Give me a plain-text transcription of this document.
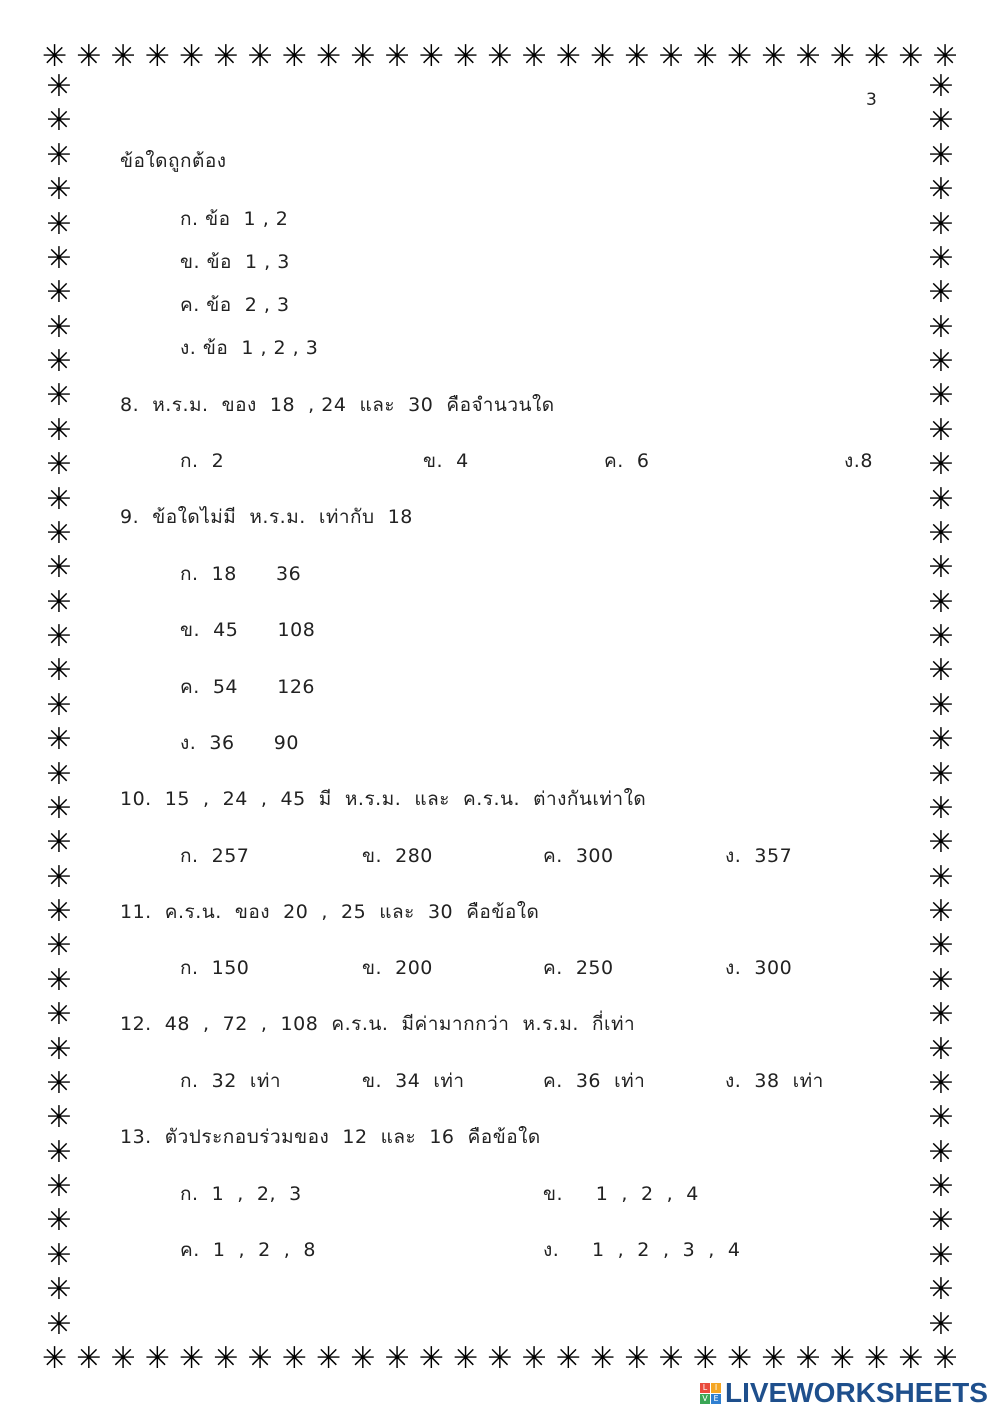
✳ ✳ ✳ ✳ ✳ ✳ ✳ ✳ ✳ ✳ ✳ ✳ ✳ ✳ ✳ ✳ ✳ ✳ ✳ ✳ ✳ ✳ ✳ ✳ ✳ ✳ ✳
✳ ✳ ✳ ✳ ✳ ✳ ✳ ✳ ✳ ✳ ✳ ✳ ✳ ✳ ✳ ✳ ✳ ✳ ✳ ✳ ✳ ✳ ✳ ✳ ✳ ✳ ✳
✳
✳
✳
✳
✳
✳
✳
✳
✳
✳
✳
✳
✳
✳
✳
✳
✳
✳
✳
✳
✳
✳
✳
✳
✳
✳
✳
✳
✳
✳
✳
✳
✳
✳
✳
✳
✳
✳
✳
✳
✳
✳
✳
✳
✳
✳
✳
✳
✳
✳
✳
✳
✳
✳
✳
✳
✳
✳
✳
✳
✳
✳
✳
✳
✳
✳
✳
✳
✳
✳
✳
✳
✳
✳
3
ข้อใดถูกต้อง
ก. ข้อ  1 , 2
ข. ข้อ  1 , 3
ค. ข้อ  2 , 3
ง. ข้อ  1 , 2 , 3
8.  ห.ร.ม.  ของ  18  , 24  และ  30  คือจำนวนใด
ก.  2	ข.  4	ค.  6	ง.8
9.  ข้อใดไม่มี  ห.ร.ม.  เท่ากับ  18
ก.  18      36
ข.  45      108
ค.  54      126
ง.  36      90
10.  15  ,  24  ,  45  มี  ห.ร.ม.  และ  ค.ร.น.  ต่างกันเท่าใด
ก.  257	ข.  280	ค.  300	ง.  357
11.  ค.ร.น.  ของ  20  ,  25  และ  30  คือข้อใด
ก.  150	ข.  200	ค.  250	ง.  300
12.  48  ,  72  ,  108  ค.ร.น.  มีค่ามากกว่า  ห.ร.ม.  กี่เท่า
ก.  32  เท่า	ข.  34  เท่า	ค.  36  เท่า	ง.  38  เท่า
13.  ตัวประกอบร่วมของ  12  และ  16  คือข้อใด
ก.  1  ,  2,  3	ข.     1  ,  2  ,  4
ค.  1  ,  2  ,  8	ง.     1  ,  2  ,  3  ,  4
L I
V E LIVEWORKSHEETS
